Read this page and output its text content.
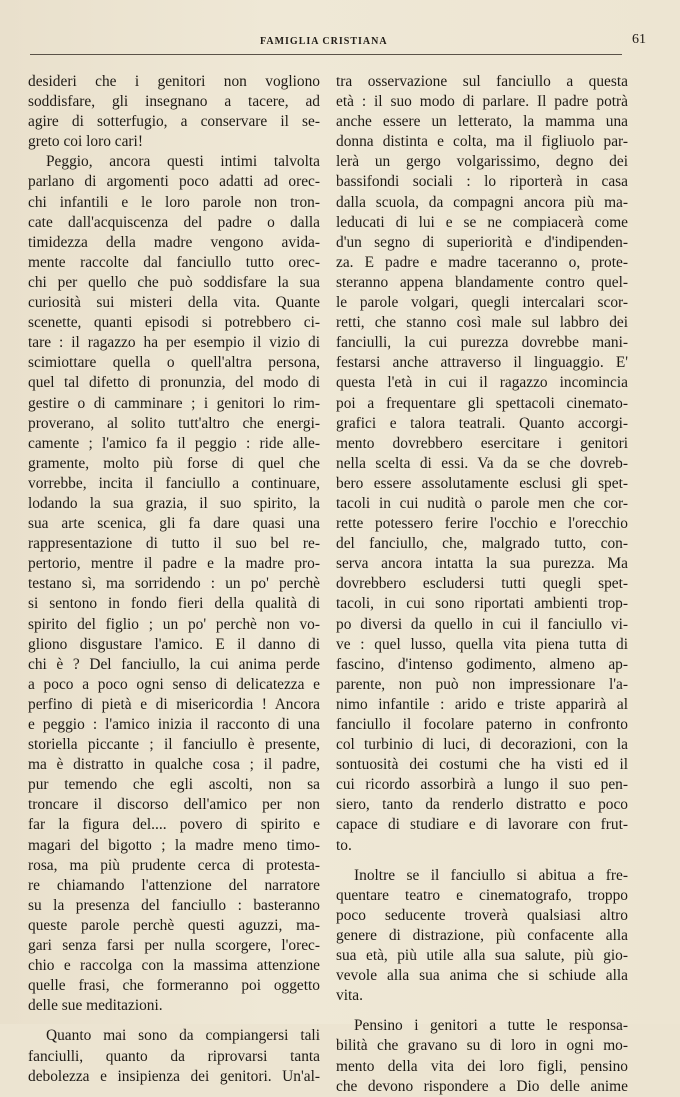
FAMIGLIA CRISTIANA	61
desideri che i genitori non vogliono
soddisfare, gli insegnano a tacere, ad
agire di sotterfugio, a conservare il se-
greto coi loro cari!
Peggio, ancora questi intimi talvolta
parlano di argomenti poco adatti ad orec-
chi infantili e le loro parole non tron-
cate dall'acquiscenza del padre o dalla
timidezza della madre vengono avida-
mente raccolte dal fanciullo tutto orec-
chi per quello che può soddisfare la sua
curiosità sui misteri della vita. Quante
scenette, quanti episodi si potrebbero ci-
tare : il ragazzo ha per esempio il vizio di
scimiottare quella o quell'altra persona,
quel tal difetto di pronunzia, del modo di
gestire o di camminare ; i genitori lo rim-
proverano, al solito tutt'altro che energi-
camente ; l'amico fa il peggio : ride alle-
gramente, molto più forse di quel che
vorrebbe, incita il fanciullo a continuare,
lodando la sua grazia, il suo spirito, la
sua arte scenica, gli fa dare quasi una
rappresentazione di tutto il suo bel re-
pertorio, mentre il padre e la madre pro-
testano sì, ma sorridendo : un po' perchè
si sentono in fondo fieri della qualità di
spirito del figlio ; un po' perchè non vo-
gliono disgustare l'amico. E il danno di
chi è ? Del fanciullo, la cui anima perde
a poco a poco ogni senso di delicatezza e
perfino di pietà e di misericordia ! Ancora
e peggio : l'amico inizia il racconto di una
storiella piccante ; il fanciullo è presente,
ma è distratto in qualche cosa ; il padre,
pur temendo che egli ascolti, non sa
troncare il discorso dell'amico per non
far la figura del.... povero di spirito e
magari del bigotto ; la madre meno timo-
rosa, ma più prudente cerca di protesta-
re chiamando l'attenzione del narratore
su la presenza del fanciullo : basteranno
queste parole perchè questi aguzzi, ma-
gari senza farsi per nulla scorgere, l'orec-
chio e raccolga con la massima attenzione
quelle frasi, che formeranno poi oggetto
delle sue meditazioni.
Quanto mai sono da compiangersi tali
fanciulli, quanto da riprovarsi tanta
debolezza e insipienza dei genitori. Un'al-
tra osservazione sul fanciullo a questa
età : il suo modo di parlare. Il padre potrà
anche essere un letterato, la mamma una
donna distinta e colta, ma il figliuolo par-
lerà un gergo volgarissimo, degno dei
bassifondi sociali : lo riporterà in casa
dalla scuola, da compagni ancora più ma-
leducati di lui e se ne compiacerà come
d'un segno di superiorità e d'indipenden-
za. E padre e madre taceranno o, prote-
steranno appena blandamente contro quel-
le parole volgari, quegli intercalari scor-
retti, che stanno così male sul labbro dei
fanciulli, la cui purezza dovrebbe mani-
festarsi anche attraverso il linguaggio. E'
questa l'età in cui il ragazzo incomincia
poi a frequentare gli spettacoli cinemato-
grafici e talora teatrali. Quanto accorgi-
mento dovrebbero esercitare i genitori
nella scelta di essi. Va da se che dovreb-
bero essere assolutamente esclusi gli spet-
tacoli in cui nudità o parole men che cor-
rette potessero ferire l'occhio e l'orecchio
del fanciullo, che, malgrado tutto, con-
serva ancora intatta la sua purezza. Ma
dovrebbero escludersi tutti quegli spet-
tacoli, in cui sono riportati ambienti trop-
po diversi da quello in cui il fanciullo vi-
ve : quel lusso, quella vita piena tutta di
fascino, d'intenso godimento, almeno ap-
parente, non può non impressionare l'a-
nimo infantile : arido e triste apparirà al
fanciullo il focolare paterno in confronto
col turbinio di luci, di decorazioni, con la
sontuosità dei costumi che ha visti ed il
cui ricordo assorbirà a lungo il suo pen-
siero, tanto da renderlo distratto e poco
capace di studiare e di lavorare con frut-
to.
Inoltre se il fanciullo si abitua a fre-
quentare teatro e cinematografo, troppo
poco seducente troverà qualsiasi altro
genere di distrazione, più confacente alla
sua età, più utile alla sua salute, più gio-
vevole alla sua anima che si schiude alla
vita.
Pensino i genitori a tutte le responsa-
bilità che gravano su di loro in ogni mo-
mento della vita dei loro figli, pensino
che devono rispondere a Dio delle anime
